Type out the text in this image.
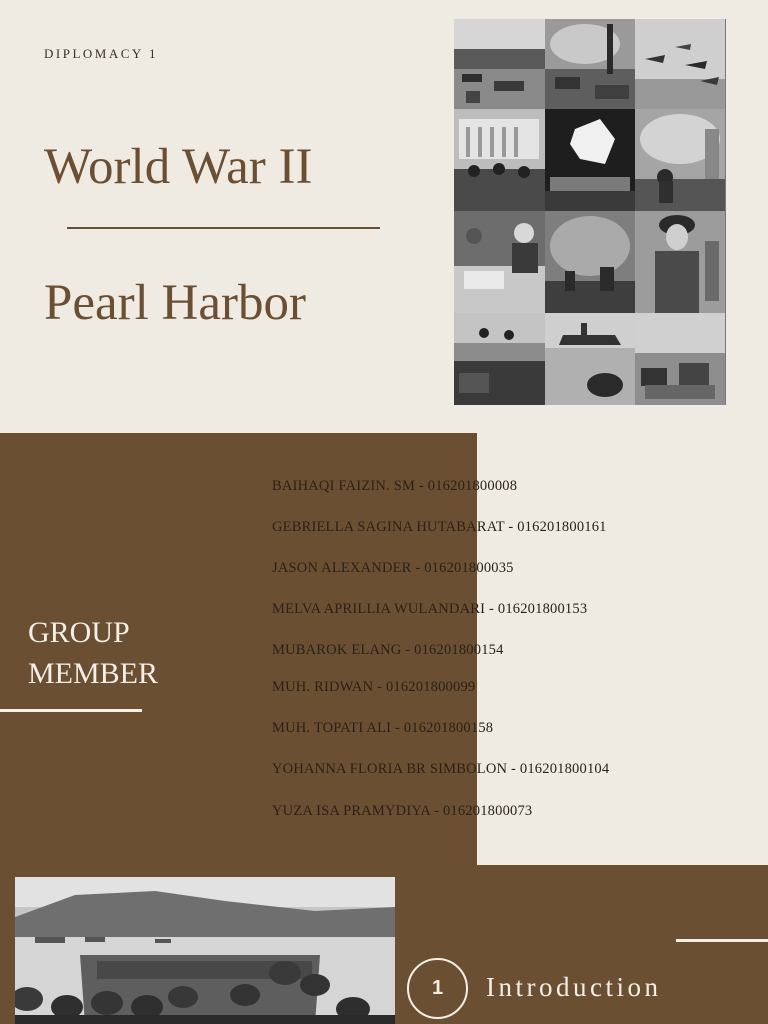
DIPLOMACY 1
World War II
Pearl Harbor
GROUP
MEMBER
BAIHAQI FAIZIN. SM - 016201800008
GEBRIELLA SAGINA HUTABARAT - 016201800161
JASON ALEXANDER - 016201800035
MELVA APRILLIA WULANDARI - 016201800153
MUBAROK ELANG - 016201800154
MUH. RIDWAN - 016201800099
MUH. TOPATI ALI - 016201800158
YOHANNA FLORIA BR SIMBOLON - 016201800104
YUZA ISA PRAMYDIYA - 016201800073
1	Introduction
